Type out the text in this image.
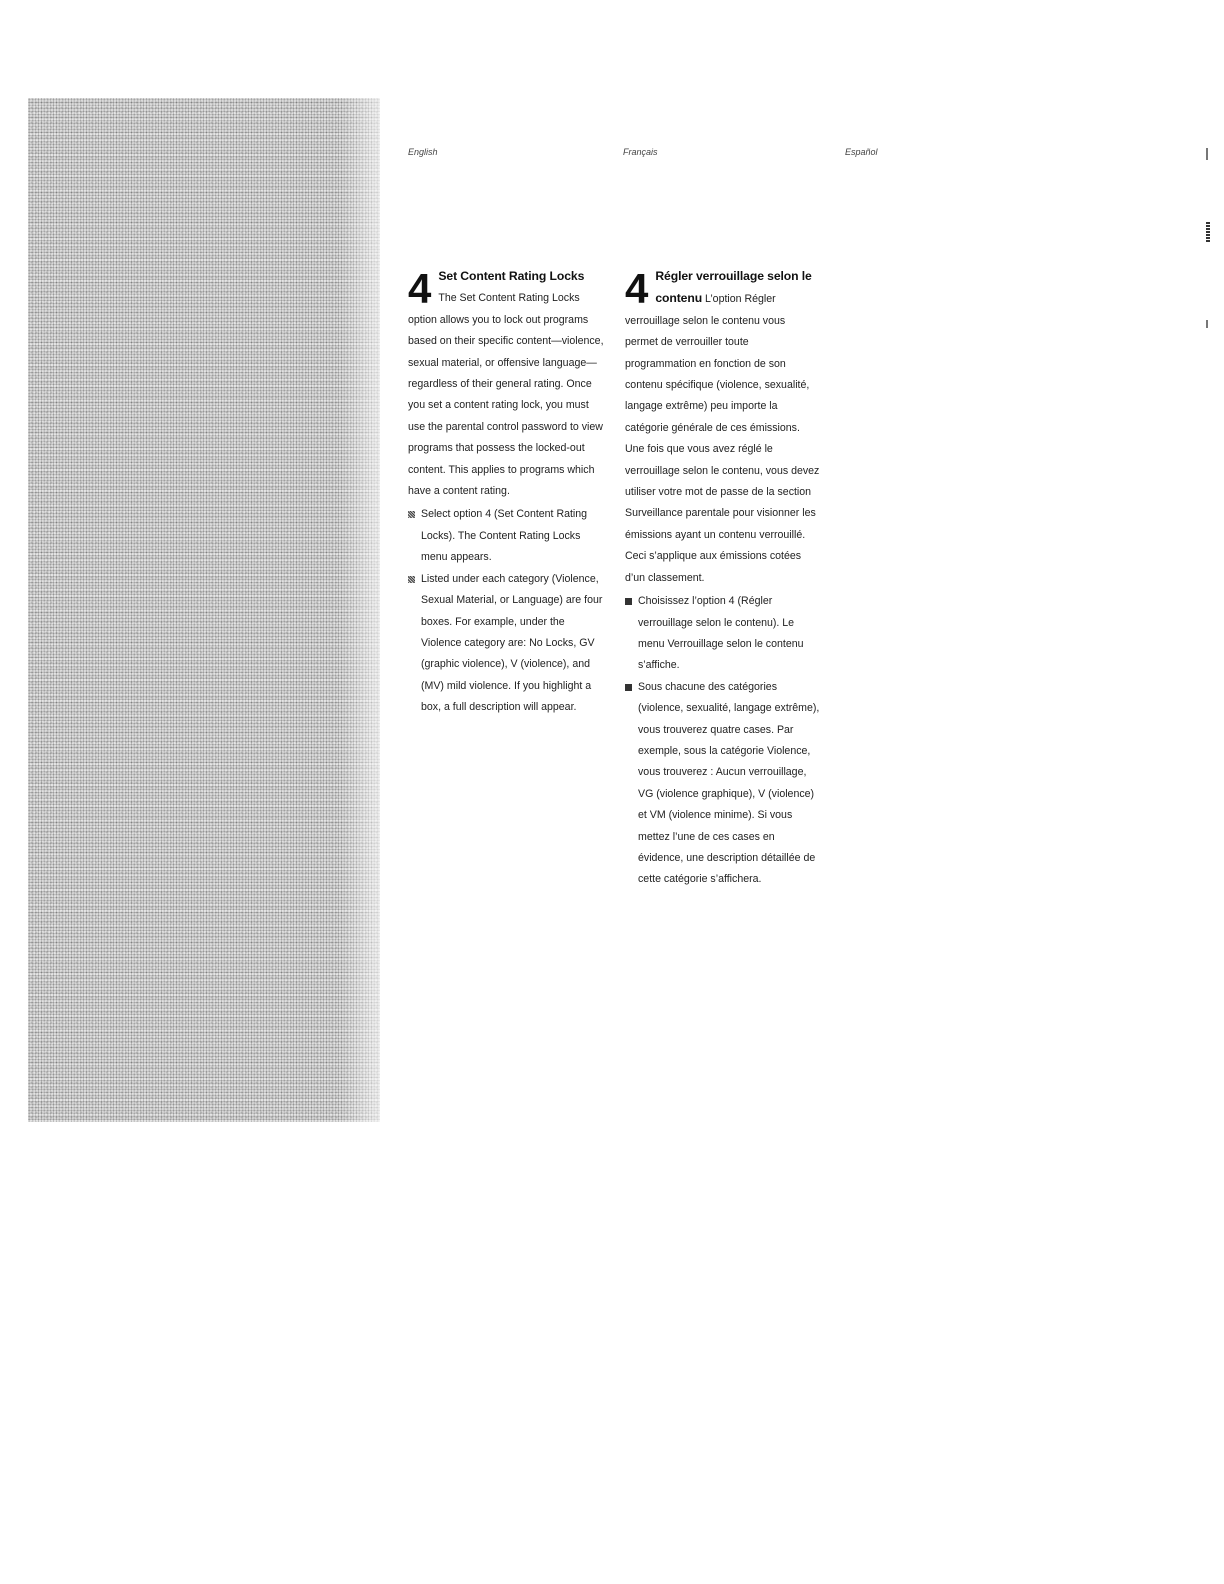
English	Français	Español

4 Set Content Rating Locks The Set Content Rating Locks option allows you to lock out programs based on their specific content—violence, sexual material, or offensive language—regardless of their general rating. Once you set a content rating lock, you must use the parental control password to view programs that possess the locked-out content. This applies to programs which have a content rating.

Select option 4 (Set Content Rating Locks). The Content Rating Locks menu appears.
Listed under each category (Violence, Sexual Material, or Language) are four boxes. For example, under the Violence category are: No Locks, GV (graphic violence), V (violence), and (MV) mild violence. If you highlight a box, a full description will appear.

4 Régler verrouillage selon le contenu L’option Régler verrouillage selon le contenu vous permet de verrouiller toute programmation en fonction de son contenu spécifique (violence, sexualité, langage extrême) peu importe la catégorie générale de ces émissions. Une fois que vous avez réglé le verrouillage selon le contenu, vous devez utiliser votre mot de passe de la section Surveillance parentale pour visionner les émissions ayant un contenu verrouillé. Ceci s’applique aux émissions cotées d’un classement.

Choisissez l’option 4 (Régler verrouillage selon le contenu). Le menu Verrouillage selon le contenu s’affiche.
Sous chacune des catégories (violence, sexualité, langage extrême), vous trouverez quatre cases. Par exemple, sous la catégorie Violence, vous trouverez : Aucun verrouillage, VG (violence graphique), V (violence) et VM (violence minime). Si vous mettez l’une de ces cases en évidence, une description détaillée de cette catégorie s’affichera.
